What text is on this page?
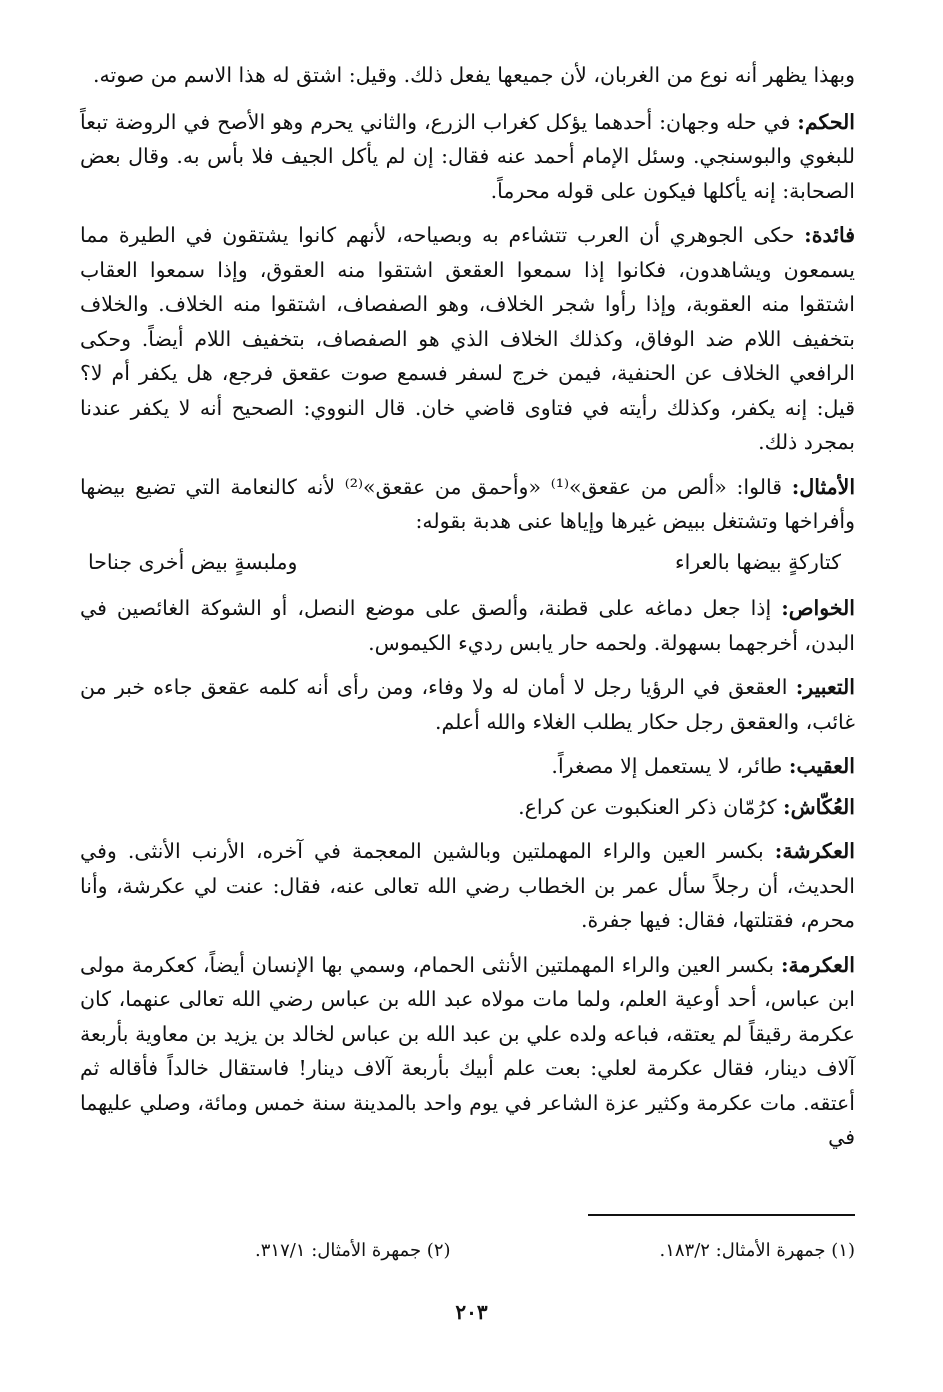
وبهذا يظهر أنه نوع من الغربان، لأن جميعها يفعل ذلك. وقيل: اشتق له هذا الاسم من صوته.

الحكم: في حله وجهان: أحدهما يؤكل كغراب الزرع، والثاني يحرم وهو الأصح في الروضة تبعاً للبغوي والبوسنجي. وسئل الإمام أحمد عنه فقال: إن لم يأكل الجيف فلا بأس به. وقال بعض الصحابة: إنه يأكلها فيكون على قوله محرماً.

فائدة: حكى الجوهري أن العرب تتشاءم به وبصياحه، لأنهم كانوا يشتقون في الطيرة مما يسمعون ويشاهدون، فكانوا إذا سمعوا العقعق اشتقوا منه العقوق، وإذا سمعوا العقاب اشتقوا منه العقوبة، وإذا رأوا شجر الخلاف، وهو الصفصاف، اشتقوا منه الخلاف. والخلاف بتخفيف اللام ضد الوفاق، وكذلك الخلاف الذي هو الصفصاف، بتخفيف اللام أيضاً. وحكى الرافعي الخلاف عن الحنفية، فيمن خرج لسفر فسمع صوت عقعق فرجع، هل يكفر أم لا؟ قيل: إنه يكفر، وكذلك رأيته في فتاوى قاضي خان. قال النووي: الصحيح أنه لا يكفر عندنا بمجرد ذلك.

الأمثال: قالوا: «ألص من عقعق»⁽¹⁾ «وأحمق من عقعق»⁽²⁾ لأنه كالنعامة التي تضيع بيضها وأفراخها وتشتغل ببيض غيرها وإياها عنى هدبة بقوله:

كتاركةٍ بيضها بالعراء
وملبسةٍ بيض أخرى جناحا

الخواص: إذا جعل دماغه على قطنة، وألصق على موضع النصل، أو الشوكة الغائصين في البدن، أخرجهما بسهولة. ولحمه حار يابس رديء الكيموس.

التعبير: العقعق في الرؤيا رجل لا أمان له ولا وفاء، ومن رأى أنه كلمه عقعق جاءه خبر من غائب، والعقعق رجل حكار يطلب الغلاء والله أعلم.

العقيب: طائر، لا يستعمل إلا مصغراً.

العُكّاش: كرُمّان ذكر العنكبوت عن كراع.

العكرشة: بكسر العين والراء المهملتين وبالشين المعجمة في آخره، الأرنب الأنثى. وفي الحديث، أن رجلاً سأل عمر بن الخطاب رضي الله تعالى عنه، فقال: عنت لي عكرشة، وأنا محرم، فقتلتها، فقال: فيها جفرة.

العكرمة: بكسر العين والراء المهملتين الأنثى الحمام، وسمي بها الإنسان أيضاً، كعكرمة مولى ابن عباس، أحد أوعية العلم، ولما مات مولاه عبد الله بن عباس رضي الله تعالى عنهما، كان عكرمة رقيقاً لم يعتقه، فباعه ولده علي بن عبد الله بن عباس لخالد بن يزيد بن معاوية بأربعة آلاف دينار، فقال عكرمة لعلي: بعت علم أبيك بأربعة آلاف دينار! فاستقال خالداً فأقاله ثم أعتقه. مات عكرمة وكثير عزة الشاعر في يوم واحد بالمدينة سنة خمس ومائة، وصلي عليهما في

(١) جمهرة الأمثال: ١٨٣/٢.
(٢) جمهرة الأمثال: ٣١٧/١.
٢٠٣
